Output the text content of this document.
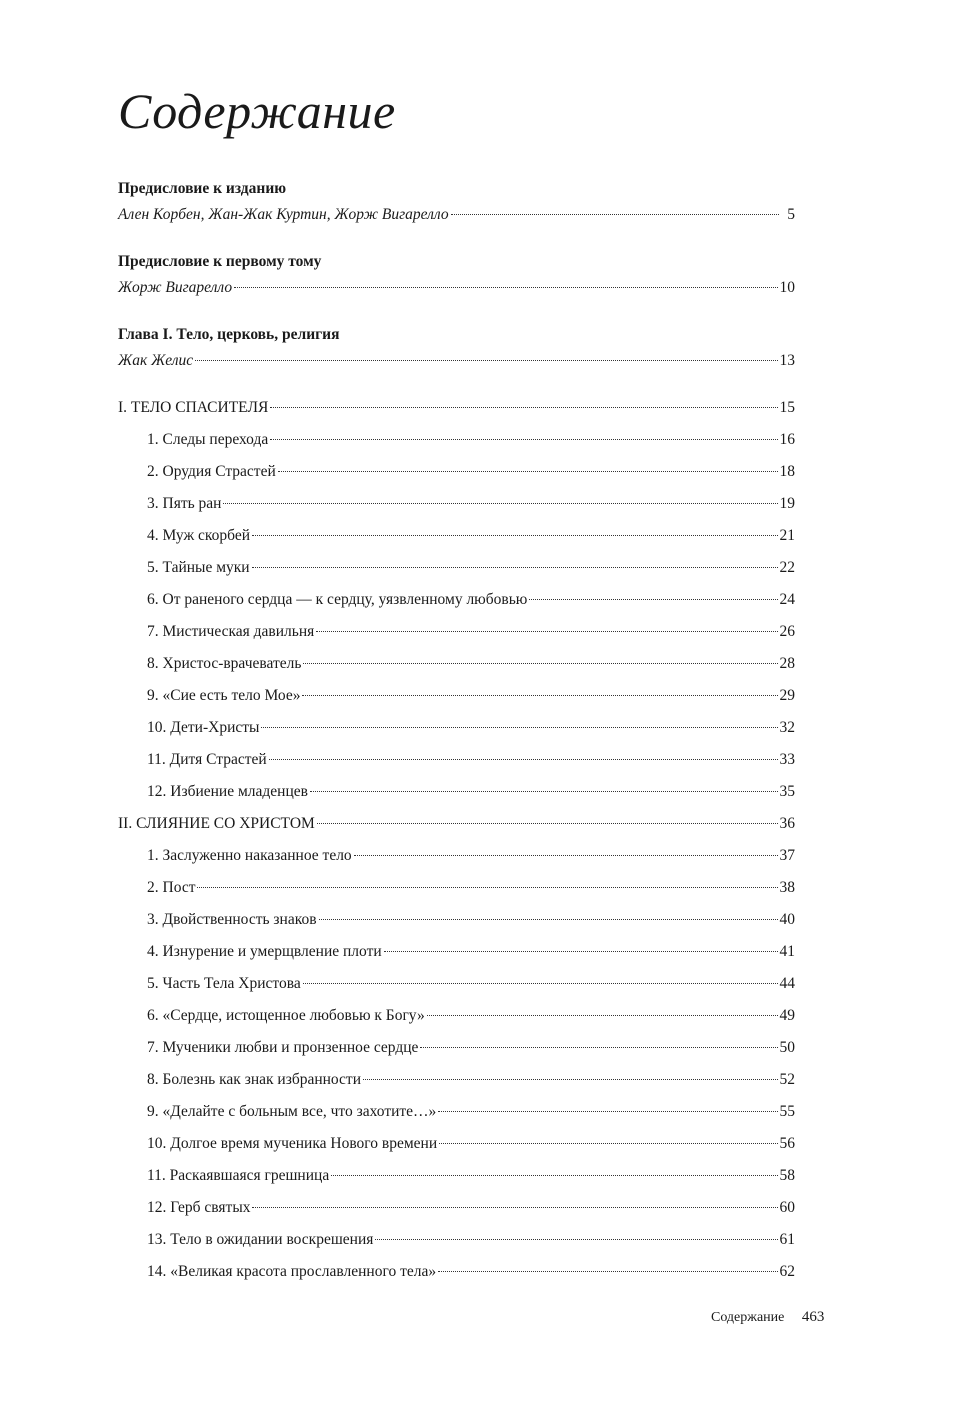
Содержание
Предисловие к изданию
Ален Корбен, Жан-Жак Куртин, Жорж Вигарелло	5
Предисловие к первому тому
Жорж Вигарелло	10
Глава I. Тело, церковь, религия
Жак Желис	13
I. ТЕЛО СПАСИТЕЛЯ	15
1. Следы перехода	16
2. Орудия Страстей	18
3. Пять ран	19
4. Муж скорбей	21
5. Тайные муки	22
6. От раненого сердца — к сердцу, уязвленному любовью	24
7. Мистическая давильня	26
8. Христос-врачеватель	28
9. «Сие есть тело Мое»	29
10. Дети-Христы	32
11. Дитя Страстей	33
12. Избиение младенцев	35
II. СЛИЯНИЕ СО ХРИСТОМ	36
1. Заслуженно наказанное тело	37
2. Пост	38
3. Двойственность знаков	40
4. Изнурение и умерщвление плоти	41
5. Часть Тела Христова	44
6. «Сердце, истощенное любовью к Богу»	49
7. Мученики любви и пронзенное сердце	50
8. Болезнь как знак избранности	52
9. «Делайте с больным все, что захотите…»	55
10. Долгое время мученика Нового времени	56
11. Раскаявшаяся грешница	58
12. Герб святых	60
13. Тело в ожидании воскрешения	61
14. «Великая красота прославленного тела»	62
Содержание 463
